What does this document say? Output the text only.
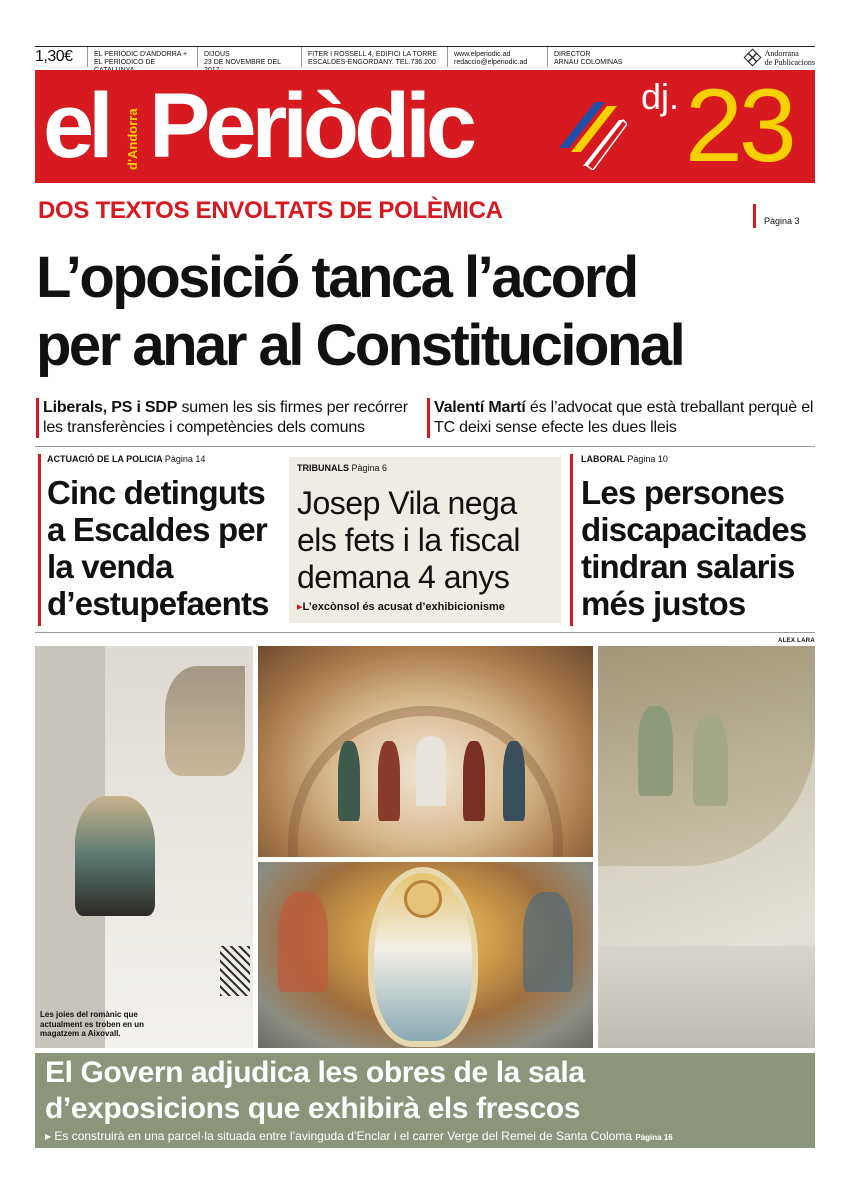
1,30€	EL PERIÒDIC D'ANDORRA +
EL PERIÓDICO DE
DIJOUS
23 DE NOVEMBRE DEL
FITER I ROSSELL 4, EDIFICI LA TORRE
ESCALDES-ENGORDANY. TEL.736.200
www.elperiodic.ad
redaccio@elperiodic.ad
DIRECTOR
ARNAU COLOMINAS
Andorrana
de Publicacions
el d'Andorra Periòdic	dj. 23
DOS TEXTOS ENVOLTATS DE POLÈMICA	Pàgina 3
L’oposició tanca l’acord
per anar al Constitucional
Liberals, PS i SDP sumen les sis firmes per recórrer les transferències i competències dels comuns
Valentí Martí és l’advocat que està treballant perquè el TC deixi sense efecte les dues lleis
ACTUACIÓ DE LA POLICIA Pàgina 14
Cinc detinguts a Escaldes per la venda d’estupefaents
TRIBUNALS Pàgina 6
Josep Vila nega els fets i la fiscal demana 4 anys
▸L’excònsol és acusat d’exhibicionisme
LABORAL Pàgina 10
Les persones discapacitades tindran salaris més justos
ALEX LARA
Les joies del romànic que actualment es troben en un magatzem a Aixovall.
El Govern adjudica les obres de la sala
d’exposicions que exhibirà els frescos
▸ Es construirà en una parcel·la situada entre l’avinguda d’Enclar i el carrer Verge del Remei de Santa Coloma Pàgina 16
